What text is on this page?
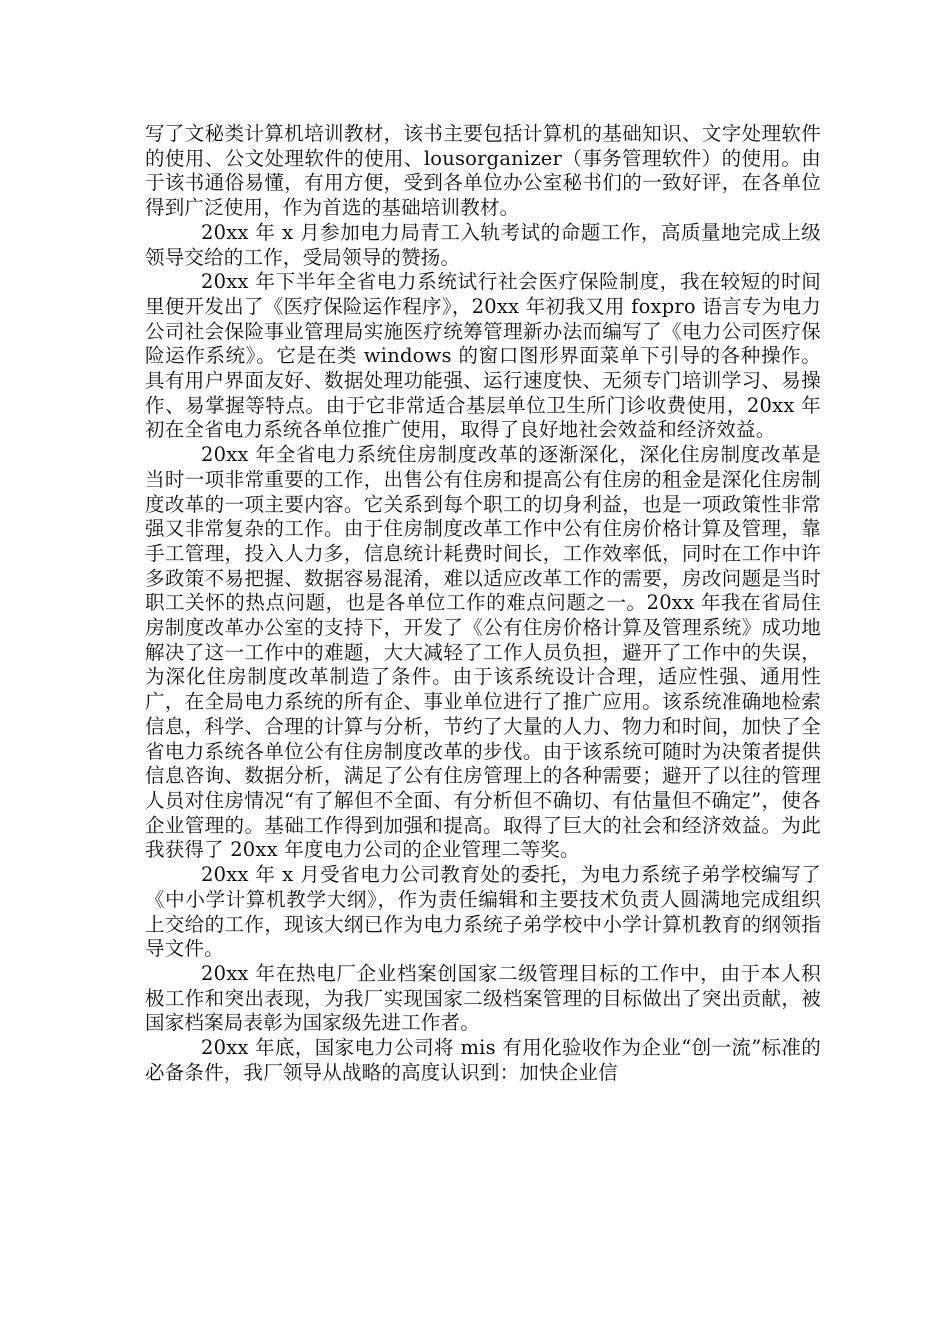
写了文秘类计算机培训教材，该书主要包括计算机的基础知识、文字处理软件的使用、公文处理软件的使用、lousorganizer（事务管理软件）的使用。由于该书通俗易懂，有用方便，受到各单位办公室秘书们的一致好评，在各单位得到广泛使用，作为首选的基础培训教材。

20xx 年 x 月参加电力局青工入轨考试的命题工作，高质量地完成上级领导交给的工作，受局领导的赞扬。

20xx 年下半年全省电力系统试行社会医疗保险制度，我在较短的时间里便开发出了《医疗保险运作程序》，20xx 年初我又用 foxpro 语言专为电力公司社会保险事业管理局实施医疗统筹管理新办法而编写了《电力公司医疗保险运作系统》。它是在类 windows 的窗口图形界面菜单下引导的各种操作。具有用户界面友好、数据处理功能强、运行速度快、无须专门培训学习、易操作、易掌握等特点。由于它非常适合基层单位卫生所门诊收费使用，20xx 年初在全省电力系统各单位推广使用，取得了良好地社会效益和经济效益。

20xx 年全省电力系统住房制度改革的逐渐深化，深化住房制度改革是当时一项非常重要的工作，出售公有住房和提高公有住房的租金是深化住房制度改革的一项主要内容。它关系到每个职工的切身利益，也是一项政策性非常强又非常复杂的工作。由于住房制度改革工作中公有住房价格计算及管理，靠手工管理，投入人力多，信息统计耗费时间长，工作效率低，同时在工作中许多政策不易把握、数据容易混淆，难以适应改革工作的需要，房改问题是当时职工关怀的热点问题，也是各单位工作的难点问题之一。20xx 年我在省局住房制度改革办公室的支持下，开发了《公有住房价格计算及管理系统》成功地解决了这一工作中的难题，大大减轻了工作人员负担，避开了工作中的失误，为深化住房制度改革制造了条件。由于该系统设计合理，适应性强、通用性广，在全局电力系统的所有企、事业单位进行了推广应用。该系统准确地检索信息，科学、合理的计算与分析，节约了大量的人力、物力和时间，加快了全省电力系统各单位公有住房制度改革的步伐。由于该系统可随时为决策者提供信息咨询、数据分析，满足了公有住房管理上的各种需要；避开了以往的管理人员对住房情况“有了解但不全面、有分析但不确切、有估量但不确定”，使各企业管理的。基础工作得到加强和提高。取得了巨大的社会和经济效益。为此我获得了 20xx 年度电力公司的企业管理二等奖。

20xx 年 x 月受省电力公司教育处的委托，为电力系统子弟学校编写了《中小学计算机教学大纲》，作为责任编辑和主要技术负责人圆满地完成组织上交给的工作，现该大纲已作为电力系统子弟学校中小学计算机教育的纲领指导文件。

20xx 年在热电厂企业档案创国家二级管理目标的工作中，由于本人积极工作和突出表现，为我厂实现国家二级档案管理的目标做出了突出贡献，被国家档案局表彰为国家级先进工作者。

20xx 年底，国家电力公司将 mis 有用化验收作为企业“创一流”标准的必备条件，我厂领导从战略的高度认识到：加快企业信
